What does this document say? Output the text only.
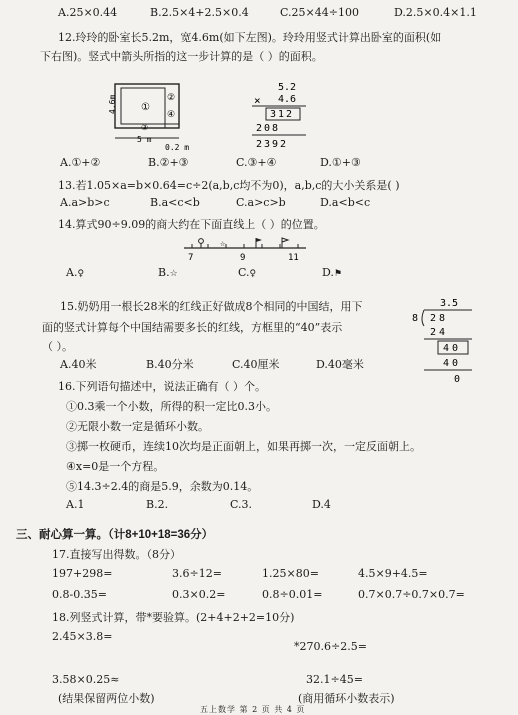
A.25×0.44	B.2.5×4+2.5×0.4	C.25×44÷100	D.2.5×0.4×1.1
12.玲玲的卧室长5.2m，宽4.6m(如下左图)。玲玲用竖式计算出卧室的面积(如
下右图)。竖式中箭头所指的这一步计算的是（ ）的面积。
①
②
③
④
4.6m
5 m
0.2 m
5.2
× 4.6
312
208
2392
A.①+②	B.②+③	C.③+④	D.①+③
13.若1.05×a=b×0.64=c÷2(a,b,c均不为0)，a,b,c的大小关系是( )
A.a>b>c	B.a<c<b	C.a>c>b	D.a<b<c
14.算式90÷9.09的商大约在下面直线上（ ）的位置。
☆
7	9	11
A.♀	B.☆	C.♀	D.⚑
15.奶奶用一根长28米的红线正好做成8个相同的中国结，用下
面的竖式计算每个中国结需要多长的红线，方框里的“40”表示
（ ）。
3.5
8 28
24
40
40
0
A.40米	B.40分米	C.40厘米	D.40毫米
16.下列语句描述中，说法正确有（ ）个。
①0.3乘一个小数，所得的积一定比0.3小。
②无限小数一定是循环小数。
③掷一枚硬币，连续10次均是正面朝上，如果再掷一次，一定反面朝上。
④x=0是一个方程。
⑤14.3÷2.4的商是5.9，余数为0.14。
A.1	B.2.	C.3.	D.4
三、耐心算一算。（计8+10+18=36分）
17.直接写出得数。（8分）
197+298=	3.6÷12=	1.25×80=	4.5×9+4.5=
0.8-0.35=	0.3×0.2=	0.8÷0.01=	0.7×0.7÷0.7×0.7=
18.列竖式计算，带*要验算。(2+4+2+2=10分)
2.45×3.8=
*270.6÷2.5=
3.58×0.25≈	32.1÷45=
(结果保留两位小数)	(商用循环小数表示)
五上数学 第 2 页 共 4 页
